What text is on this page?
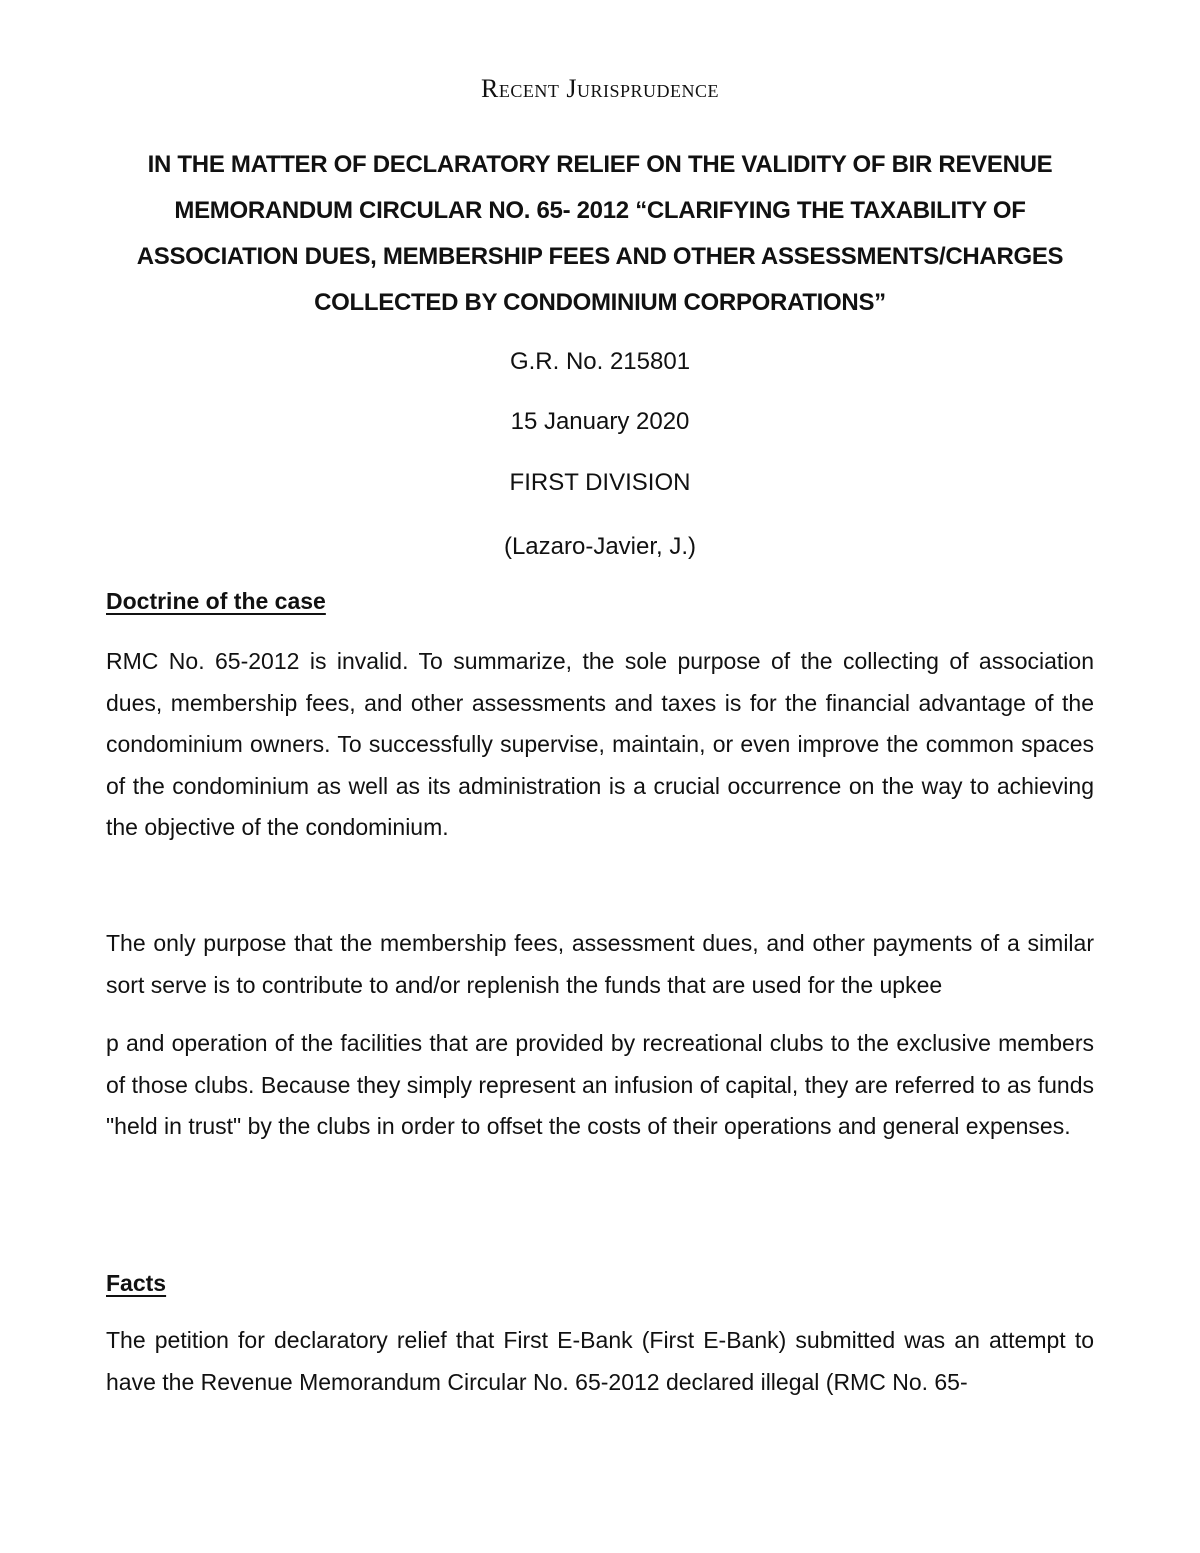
Recent Jurisprudence
IN THE MATTER OF DECLARATORY RELIEF ON THE VALIDITY OF BIR REVENUE MEMORANDUM CIRCULAR NO. 65- 2012 “CLARIFYING THE TAXABILITY OF ASSOCIATION DUES, MEMBERSHIP FEES AND OTHER ASSESSMENTS/CHARGES COLLECTED BY CONDOMINIUM CORPORATIONS”
G.R. No. 215801
15 January 2020
FIRST DIVISION
(Lazaro-Javier, J.)
Doctrine of the case

RMC No. 65-2012 is invalid. To summarize, the sole purpose of the collecting of association dues, membership fees, and other assessments and taxes is for the financial advantage of the condominium owners. To successfully supervise, maintain, or even improve the common spaces of the condominium as well as its administration is a crucial occurrence on the way to achieving the objective of the condominium.

The only purpose that the membership fees, assessment dues, and other payments of a similar sort serve is to contribute to and/or replenish the funds that are used for the upkee

p and operation of the facilities that are provided by recreational clubs to the exclusive members of those clubs. Because they simply represent an infusion of capital, they are referred to as funds "held in trust" by the clubs in order to offset the costs of their operations and general expenses.

Facts

The petition for declaratory relief that First E-Bank (First E-Bank) submitted was an attempt to have the Revenue Memorandum Circular No. 65-2012 declared illegal (RMC No. 65-
